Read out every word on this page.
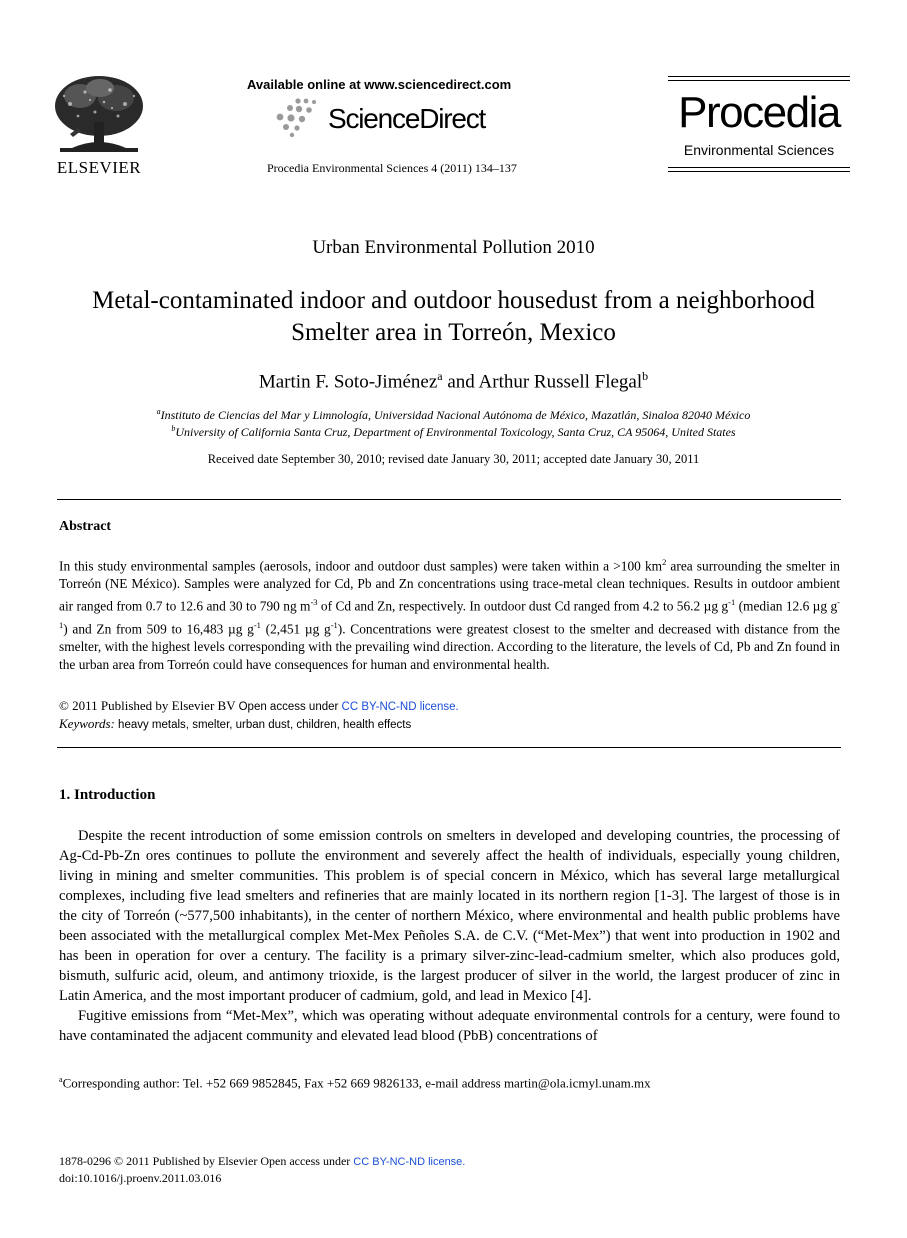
ELSEVIER
Available online at www.sciencedirect.com
ScienceDirect
Procedia Environmental Sciences 4 (2011) 134–137
Procedia
Environmental Sciences
Urban Environmental Pollution 2010
Metal-contaminated indoor and outdoor housedust from a neighborhood Smelter area in Torreón, Mexico
Martin F. Soto-Jiménez$^a$ and Arthur Russell Flegal$^b$
$^a$Instituto de Ciencias del Mar y Limnología, Universidad Nacional Autónoma de México, Mazatlán, Sinaloa 82040 México
$^b$University of California Santa Cruz, Department of Environmental Toxicology, Santa Cruz, CA 95064, United States
Received date September 30, 2010; revised date January 30, 2011; accepted date January 30, 2011
Abstract
In this study environmental samples (aerosols, indoor and outdoor dust samples) were taken within a >100 $km^2$ area surrounding the smelter in Torreón (NE México). Samples were analyzed for Cd, Pb and Zn concentrations using trace-metal clean techniques. Results in outdoor ambient air ranged from 0.7 to 12.6 and 30 to 790 ng $m^{-3}$ of Cd and Zn, respectively. In outdoor dust Cd ranged from 4.2 to 56.2 µg $g^{-1}$ (median 12.6 µg $g^{-1}$) and Zn from 509 to 16,483 µg $g^{-1}$ (2,451 µg $g^{-1}$). Concentrations were greatest closest to the smelter and decreased with distance from the smelter, with the highest levels corresponding with the prevailing wind direction. According to the literature, the levels of Cd, Pb and Zn found in the urban area from Torreón could have consequences for human and environmental health.
© 2011 Published by Elsevier BV Open access under CC BY-NC-ND license.
Keywords: heavy metals, smelter, urban dust, children, health effects
1. Introduction

Despite the recent introduction of some emission controls on smelters in developed and developing countries, the processing of Ag-Cd-Pb-Zn ores continues to pollute the environment and severely affect the health of individuals, especially young children, living in mining and smelter communities. This problem is of special concern in México, which has several large metallurgical complexes, including five lead smelters and refineries that are mainly located in its northern region [1-3]. The largest of those is in the city of Torreón (~577,500 inhabitants), in the center of northern México, where environmental and health public problems have been associated with the metallurgical complex Met-Mex Peñoles S.A. de C.V. (“Met-Mex”) that went into production in 1902 and has been in operation for over a century. The facility is a primary silver-zinc-lead-cadmium smelter, which also produces gold, bismuth, sulfuric acid, oleum, and antimony trioxide, is the largest producer of silver in the world, the largest producer of zinc in Latin America, and the most important producer of cadmium, gold, and lead in Mexico [4].

Fugitive emissions from “Met-Mex”, which was operating without adequate environmental controls for a century, were found to have contaminated the adjacent community and elevated lead blood (PbB) concentrations of

$^a$Corresponding author: Tel. +52 669 9852845, Fax +52 669 9826133, e-mail address martin@ola.icmyl.unam.mx
1878-0296 © 2011 Published by Elsevier Open access under CC BY-NC-ND license.
doi:10.1016/j.proenv.2011.03.016
